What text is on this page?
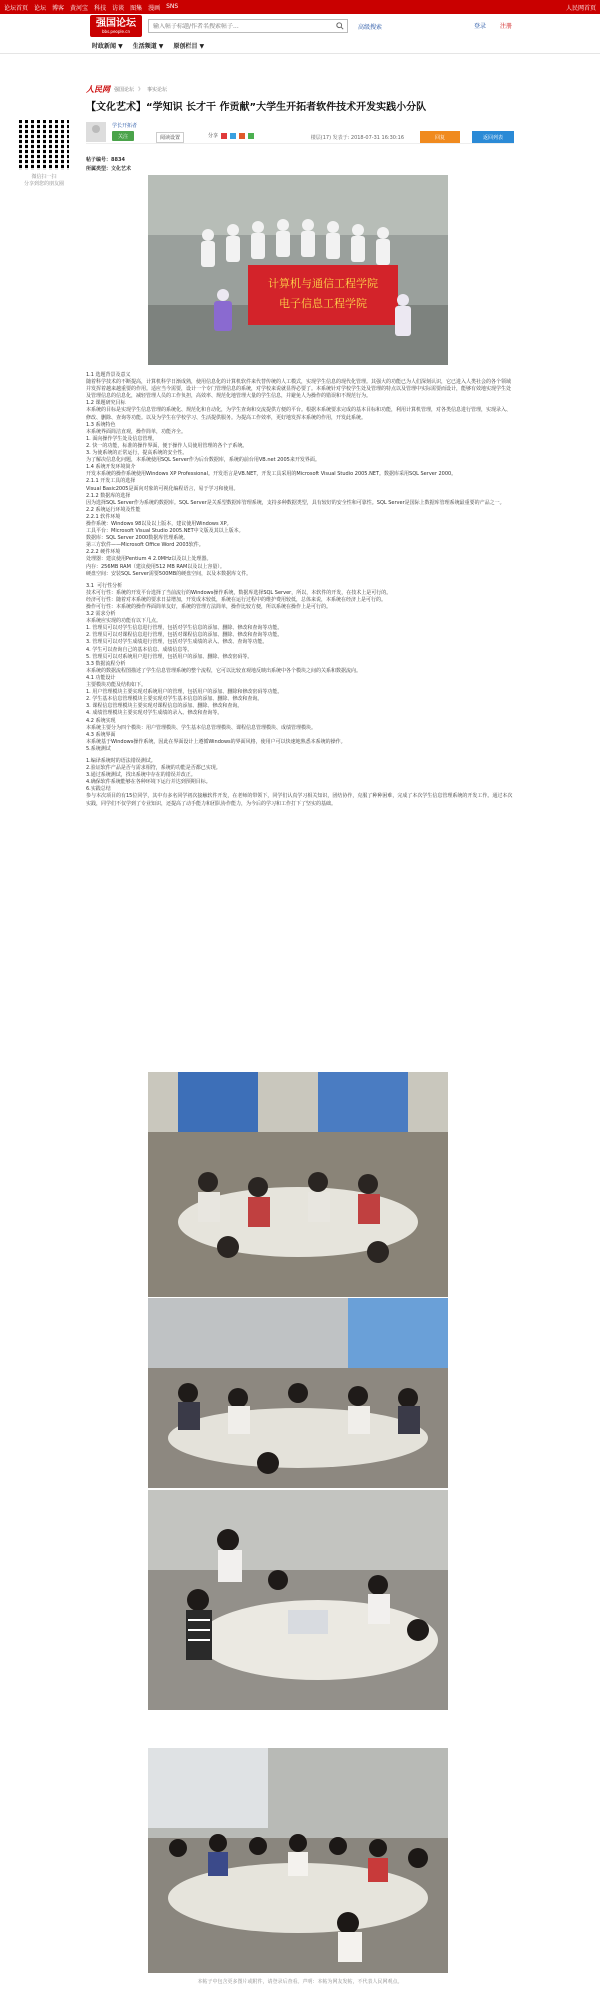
论坛首页 论坛 博客 黄河宝 科技 访谈 图集 漫画 SNS	人民网首页
强国论坛
bbs.people.cn
输入帖子标题/作者名搜索帖子...
高级搜索	登录 注册
时政新闻 ▼ 生活频道 ▼ 原创栏目 ▼
人民网 强国论坛 》 事实论坛
【文化艺术】“学知识 长才干 作贡献”大学生开拓者软件技术开发实践小分队
微信扫一扫
分享到您的朋友圈
学长开拓者
关注	阅读设置	分享	楼层(17) 发表于: 2018-07-31 16:30:16	回复	返回列表
帖子编号：8834
所属类型：文化艺术
计算机与通信工程学院
电子信息工程学院

1.1 选题背景及意义

随着科学技术的不断提高，计算机科学日渐成熟，使用信息化的计算机软件来代替传统的人工模式，实现学生信息的现代化管理。其强大的功能已为人们深刻认识，它已进入人类社会的各个领域并发挥着越来越重要的作用。适应当今需要，设计一个专门管理信息的系统，对学校来说就显得必要了。本系统针对学校学生处及管理的特点以及管理中实际需要而设计，能够有效地实现学生处及管理信息的信息化，减轻管理人员的工作负担，高效率、规范化地管理大量的学生信息，并避免人为操作的错误和不规范行为。

1.2 课题研究目标

本系统的目标是实现学生信息管理的系统化、规范化和自动化，为学生查询和交流提供方便的平台。根据本系统要求完成的基本目标和功能，利用计算机管理，对各类信息进行管理，实现录入、修改、删除、查询等功能。以及为学生在学校学习、生活提供服务。为提高工作效率，更好地发挥本系统的作用，开发此系统。

1.3 系统特色

本系统界面简洁直观，操作简单，功能齐全。

1. 面向操作学生处及信息管理。

2. 快一的功能，标准的操作界面，便于操作人员使用管理的各个子系统。

3. 为使系统的正常运行，提高系统的安全性。

为了解决信息化问题，本系统使用SQL Server作为后台数据库，系统的前台用VB.net 2005来开发界面。

1.4 系统开发环境简介

开发本系统的操作系统使用Windows XP Professional。开发语言是VB.NET，开发工具采用的Microsoft Visual Studio 2005.NET。数据库采用SQL Server 2000。

2.1.1 开发工具的选择

Visual Basic2005是面向对象的可视化编程语言，易于学习和使用。

2.1.2 数据库的选择

因为选择SQL Server作为系统的数据库。SQL Server是关系型数据库管理系统，支持多种数据类型，具有较好的安全性和可靠性。SQL Server是国际上数据库管理系统最重要的产品之一。

2.2 系统运行环境及性能

2.2.1 软件环境

操作系统：Windows 98以及以上版本，建议使用Windows XP。

工具平台：Microsoft Visual Studio 2005.NET中文版及其以上版本。

数据库：SQL Server 2000数据库管理系统。

第三方软件——Microsoft Office Word 2003软件。

2.2.2 硬件环境

处理器：建议使用Pentium 4 2.0MHz以及以上处理器。

内存：256MB RAM（建议使用512 MB RAM以及以上容量）。

硬盘空间：安装SQL Server需要500MB的硬盘空间，以及本数据库文件。

3.1  可行性分析

技术可行性：系统的开发平台选择了当前流行的Windows操作系统，数据库选择SQL Server，所以，本软件的开发，在技术上是可行的。

经济可行性：随着对本系统的要求日益增加，开发成本较低，系统在运行过程中的维护费用较低，总体来说，本系统在经济上是可行的。

操作可行性：本系统的操作界面简单友好，系统的管理方法简单，操作比较方便，所以系统在操作上是可行的。

3.2 需求分析

本系统应实现的功能有以下几点。

1. 管理员可以对学生信息进行管理，包括对学生信息的添加、删除、修改和查询等功能。

2. 管理员可以对课程信息进行管理，包括对课程信息的添加、删除、修改和查询等功能。

3. 管理员可以对学生成绩进行管理，包括对学生成绩的录入、修改、查询等功能。

4. 学生可以查询自己的基本信息、成绩信息等。

5. 管理员可以对系统用户进行管理，包括用户的添加、删除、修改密码等。

3.3 数据流程分析

本系统的数据流程图描述了学生信息管理系统的整个流程，它可以比较直观地反映出系统中各个模块之间的关系和数据流向。

4.1 功能设计

主要模块功能及结构如下。

1. 用户管理模块主要实现对系统用户的管理，包括用户的添加、删除和修改密码等功能。

2. 学生基本信息管理模块主要实现对学生基本信息的添加、删除、修改和查询。

3. 课程信息管理模块主要实现对课程信息的添加、删除、修改和查询。

4. 成绩管理模块主要实现对学生成绩的录入、修改和查询等。

4.2 系统实现

本系统主要分为四个模块：用户管理模块、学生基本信息管理模块、课程信息管理模块、成绩管理模块。

4.3 系统界面

本系统基于Windows操作系统，因此在界面设计上遵循Windows的界面风格，使用户可以快速地熟悉本系统的操作。

5.系统测试

1.编译系统时的语法错误测试。

2.验证软件产品是否与需求相符，系统的功能是否都已实现。

3.通过系统测试，找出系统中存在的错误并改正。

4.确保软件系统能够在各种环境下运行并达到预期目标。

6.实践总结

参与本次项目的有15位同学，其中有多名同学初次接触软件开发，在老师的带领下，同学们认真学习相关知识，团结协作，克服了种种困难，完成了本次学生信息管理系统的开发工作。通过本次实践，同学们不仅学到了专业知识，还提高了动手能力和团队协作能力，为今后的学习和工作打下了坚实的基础。

本帖子中包含更多图片或附件，请登录后查看。声明：本帖为网友发帖，不代表人民网观点。
